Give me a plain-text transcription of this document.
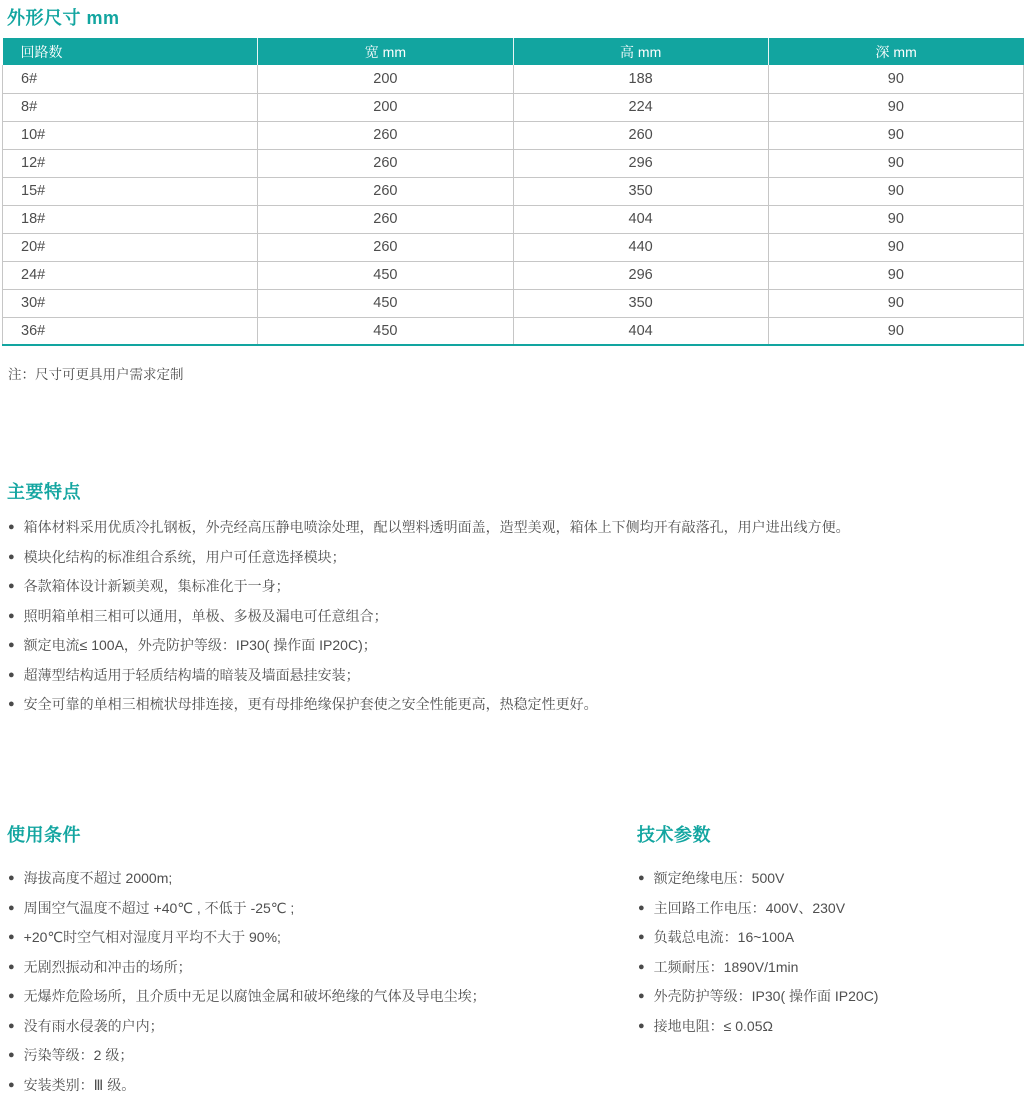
外形尺寸 mm
回路数	宽 mm	高 mm	深 mm
6#	200	188	90
8#	200	224	90
10#	260	260	90
12#	260	296	90
15#	260	350	90
18#	260	404	90
20#	260	440	90
24#	450	296	90
30#	450	350	90
36#	450	404	90
注：尺寸可更具用户需求定制
主要特点
● 箱体材料采用优质冷扎钢板，外壳经高压静电喷涂处理，配以塑料透明面盖，造型美观，箱体上下侧均开有敲落孔，用户进出线方便。
● 模块化结构的标准组合系统，用户可任意选择模块；
● 各款箱体设计新颖美观，集标准化于一身；
● 照明箱单相三相可以通用，单极、多极及漏电可任意组合；
● 额定电流≤ 100A，外壳防护等级：IP30( 操作面 IP20C)；
● 超薄型结构适用于轻质结构墙的暗装及墙面悬挂安装；
● 安全可靠的单相三相梳状母排连接，更有母排绝缘保护套使之安全性能更高，热稳定性更好。
使用条件
● 海拔高度不超过 2000m;
● 周围空气温度不超过 +40℃ , 不低于 -25℃ ;
● +20℃时空气相对湿度月平均不大于 90%;
● 无剧烈振动和冲击的场所；
● 无爆炸危险场所，且介质中无足以腐蚀金属和破坏绝缘的气体及导电尘埃；
● 没有雨水侵袭的户内；
● 污染等级：2 级；
● 安装类别：Ⅲ 级。
技术参数
● 额定绝缘电压：500V
● 主回路工作电压：400V、230V
● 负载总电流：16~100A
● 工频耐压：1890V/1min
● 外壳防护等级：IP30( 操作面 IP20C)
● 接地电阻：≤ 0.05Ω
